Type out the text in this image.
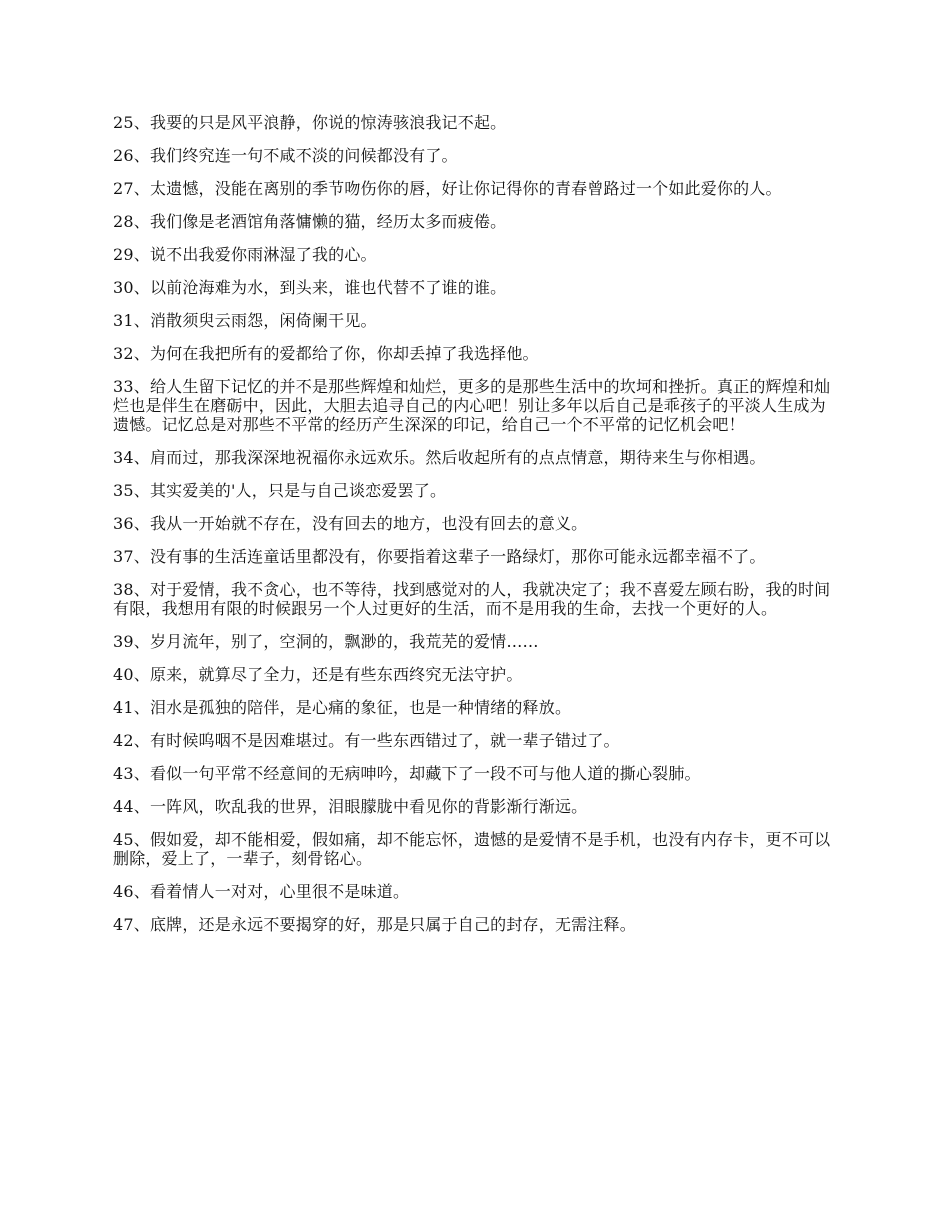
25、我要的只是风平浪静，你说的惊涛骇浪我记不起。

26、我们终究连一句不咸不淡的问候都没有了。

27、太遗憾，没能在离别的季节吻伤你的唇，好让你记得你的青春曾路过一个如此爱你的人。

28、我们像是老酒馆角落慵懒的猫，经历太多而疲倦。

29、说不出我爱你雨淋湿了我的心。

30、以前沧海难为水，到头来，谁也代替不了谁的谁。

31、消散须臾云雨怨，闲倚阑干见。

32、为何在我把所有的爱都给了你，你却丢掉了我选择他。

33、给人生留下记忆的并不是那些辉煌和灿烂，更多的是那些生活中的坎坷和挫折。真正的辉煌和灿烂也是伴生在磨砺中，因此，大胆去追寻自己的内心吧！别让多年以后自己是乖孩子的平淡人生成为遗憾。记忆总是对那些不平常的经历产生深深的印记，给自己一个不平常的记忆机会吧！

34、肩而过，那我深深地祝福你永远欢乐。然后收起所有的点点情意，期待来生与你相遇。

35、其实爱美的'人，只是与自己谈恋爱罢了。

36、我从一开始就不存在，没有回去的地方，也没有回去的意义。

37、没有事的生活连童话里都没有，你要指着这辈子一路绿灯，那你可能永远都幸福不了。

38、对于爱情，我不贪心，也不等待，找到感觉对的人，我就决定了；我不喜爱左顾右盼，我的时间有限，我想用有限的时候跟另一个人过更好的生活，而不是用我的生命，去找一个更好的人。

39、岁月流年，别了，空洞的，飘渺的，我荒芜的爱情……

40、原来，就算尽了全力，还是有些东西终究无法守护。

41、泪水是孤独的陪伴，是心痛的象征，也是一种情绪的释放。

42、有时候呜咽不是因难堪过。有一些东西错过了，就一辈子错过了。

43、看似一句平常不经意间的无病呻吟，却藏下了一段不可与他人道的撕心裂肺。

44、一阵风，吹乱我的世界，泪眼朦胧中看见你的背影渐行渐远。

45、假如爱，却不能相爱，假如痛，却不能忘怀，遗憾的是爱情不是手机，也没有内存卡，更不可以删除，爱上了，一辈子，刻骨铭心。

46、看着情人一对对，心里很不是味道。

47、底牌，还是永远不要揭穿的好，那是只属于自己的封存，无需注释。
